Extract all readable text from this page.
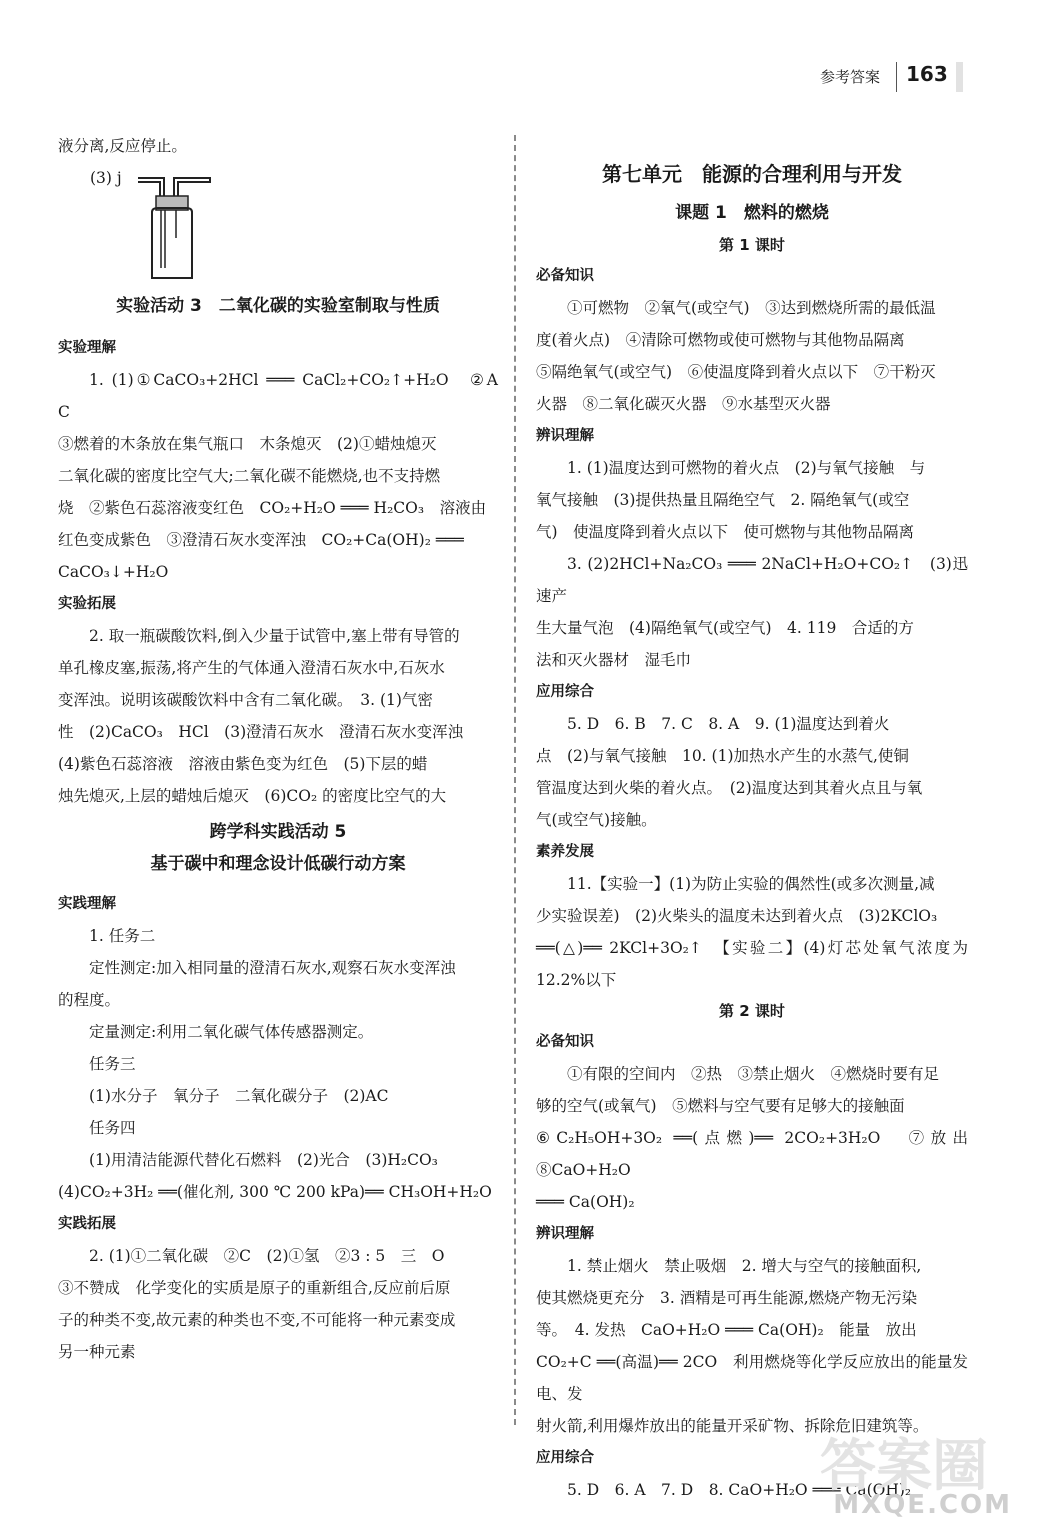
参考答案 163

液分离,反应停止。

(3) j
实验活动 3　二氧化碳的实验室制取与性质
实验理解

1. (1)①CaCO₃+2HCl ═══ CaCl₂+CO₂↑+H₂O　②A　C

③燃着的木条放在集气瓶口　木条熄灭　(2)①蜡烛熄灭

二氧化碳的密度比空气大;二氧化碳不能燃烧,也不支持燃

烧　②紫色石蕊溶液变红色　CO₂+H₂O ═══ H₂CO₃　溶液由

红色变成紫色　③澄清石灰水变浑浊　CO₂+Ca(OH)₂ ═══

CaCO₃↓+H₂O

实验拓展

2. 取一瓶碳酸饮料,倒入少量于试管中,塞上带有导管的

单孔橡皮塞,振荡,将产生的气体通入澄清石灰水中,石灰水

变浑浊。说明该碳酸饮料中含有二氧化碳。　3. (1)气密

性　(2)CaCO₃　HCl　(3)澄清石灰水　澄清石灰水变浑浊

(4)紫色石蕊溶液　溶液由紫色变为红色　(5)下层的蜡

烛先熄灭,上层的蜡烛后熄灭　(6)CO₂ 的密度比空气的大

跨学科实践活动 5
基于碳中和理念设计低碳行动方案
实践理解

1. 任务二

定性测定:加入相同量的澄清石灰水,观察石灰水变浑浊

的程度。

定量测定:利用二氧化碳气体传感器测定。

任务三

(1)水分子　氧分子　二氧化碳分子　(2)AC

任务四

(1)用清洁能源代替化石燃料　(2)光合　(3)H₂CO₃

(4)CO₂+3H₂ ══(催化剂, 300 ℃ 200 kPa)══ CH₃OH+H₂O

实践拓展

2. (1)①二氧化碳　②C　(2)①氢　②3 : 5　三　O

③不赞成　化学变化的实质是原子的重新组合,反应前后原

子的种类不变,故元素的种类也不变,不可能将一种元素变成

另一种元素

第七单元　能源的合理利用与开发
课题 1　燃料的燃烧
第 1 课时
必备知识

①可燃物　②氧气(或空气)　③达到燃烧所需的最低温

度(着火点)　④清除可燃物或使可燃物与其他物品隔离

⑤隔绝氧气(或空气)　⑥使温度降到着火点以下　⑦干粉灭

火器　⑧二氧化碳灭火器　⑨水基型灭火器

辨识理解

1. (1)温度达到可燃物的着火点　(2)与氧气接触　与

氧气接触　(3)提供热量且隔绝空气　2. 隔绝氧气(或空

气)　使温度降到着火点以下　使可燃物与其他物品隔离

3. (2)2HCl+Na₂CO₃ ═══ 2NaCl+H₂O+CO₂↑　(3)迅速产

生大量气泡　(4)隔绝氧气(或空气)　4. 119　合适的方

法和灭火器材　湿毛巾

应用综合

5. D　6. B　7. C　8. A　9. (1)温度达到着火

点　(2)与氧气接触　10. (1)加热水产生的水蒸气,使铜

管温度达到火柴的着火点。　(2)温度达到其着火点且与氧

气(或空气)接触。

素养发展

11.【实验一】(1)为防止实验的偶然性(或多次测量,减

少实验误差)　(2)火柴头的温度未达到着火点　(3)2KClO₃

══(△)══ 2KCl+3O₂↑　【实验二】(4)灯芯处氧气浓度为 12.2%以下

第 2 课时
必备知识

①有限的空间内　②热　③禁止烟火　④燃烧时要有足

够的空气(或氧气)　⑤燃料与空气要有足够大的接触面

⑥C₂H₅OH+3O₂ ══(点燃)══ 2CO₂+3H₂O　⑦放出　⑧CaO+H₂O

═══ Ca(OH)₂

辨识理解

1. 禁止烟火　禁止吸烟　2. 增大与空气的接触面积,

使其燃烧更充分　3. 酒精是可再生能源,燃烧产物无污染

等。　4. 发热　CaO+H₂O ═══ Ca(OH)₂　能量　放出

CO₂+C ══(高温)══ 2CO　利用燃烧等化学反应放出的能量发电、发

射火箭,利用爆炸放出的能量开采矿物、拆除危旧建筑等。

应用综合

5. D　6. A　7. D　8. CaO+H₂O ═══ Ca(OH)₂

答案圈
MXQE.COM
